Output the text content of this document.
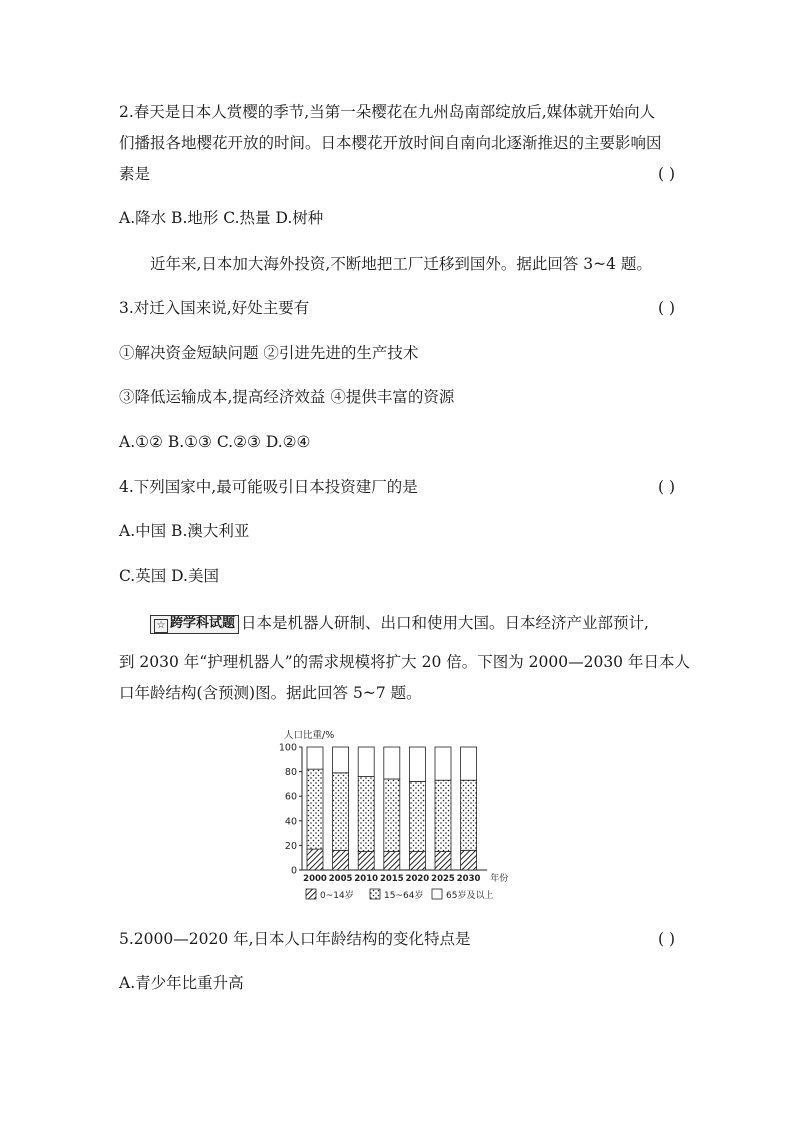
2.春天是日本人赏樱的季节,当第一朵樱花在九州岛南部绽放后,媒体就开始向人
们播报各地樱花开放的时间。日本樱花开放时间自南向北逐渐推迟的主要影响因
素是	( )
A.降水 B.地形 C.热量 D.树种
近年来,日本加大海外投资,不断地把工厂迁移到国外。据此回答 3~4 题。
3.对迁入国来说,好处主要有	( )
①解决资金短缺问题 ②引进先进的生产技术
③降低运输成本,提高经济效益 ④提供丰富的资源
A.①② B.①③ C.②③ D.②④
4.下列国家中,最可能吸引日本投资建厂的是	( )
A.中国 B.澳大利亚
C.英国 D.美国
☆ 跨学科试题 日本是机器人研制、出口和使用大国。日本经济产业部预计,
到 2030 年“护理机器人”的需求规模将扩大 20 倍。下图为 2000—2030 年日本人
口年龄结构(含预测)图。据此回答 5~7 题。
人口比重/%
0
20
40
60
80
100
2000 2005 2010 2015 2020 2025 2030 年份
0~14岁	15~64岁	65岁及以上
5.2000—2020 年,日本人口年龄结构的变化特点是	( )
A.青少年比重升高
